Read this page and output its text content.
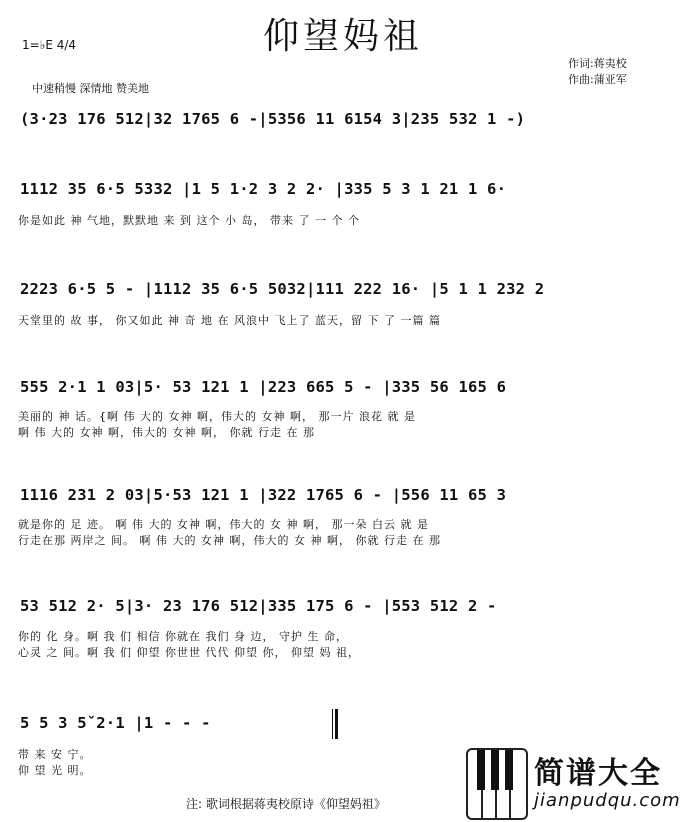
仰望妈祖
1=♭E 4/4
中速稍慢 深情地 赞美地
作词:蒋夷校
作曲:蒲亚军
(3·23 176 512|32 1765 6 -|5356 11 6154 3|235 532 1 -)
1112 35 6·5 5332 |1 5 1·2 3 2 2· |335 5 3 1 21 1 6·
你是如此 神 气地，默默地 来 到 这个 小 岛， 带来 了 一 个 个
2223 6·5 5 - |1112 35 6·5 5032|111 222 16· |5 1 1 232 2
天堂里的 故 事， 你又如此 神 奇 地 在 风浪中 飞上了 蓝天，留 下 了 一篇 篇
555 2·1 1 03|5· 53 121 1 |223 665 5 - |335 56 165 6
美丽的 神 话。{啊 伟 大的 女神 啊，伟大的 女神 啊， 那一片 浪花 就 是
啊 伟 大的 女神 啊，伟大的 女神 啊， 你就 行走 在 那
1116 231 2 03|5·53 121 1 |322 1765 6 - |556 11 65 3
就是你的 足 迹。 啊 伟 大的 女神 啊，伟大的 女 神 啊， 那一朵 白云 就 是
行走在那 两岸之 间。 啊 伟 大的 女神 啊，伟大的 女 神 啊， 你就 行走 在 那
53 512 2· 5|3· 23 176 512|335 175 6 - |553 512 2 -
你的 化 身。啊 我 们 相信 你就在 我们 身 边， 守护 生 命，
心灵 之 间。啊 我 们 仰望 你世世 代代 仰望 你， 仰望 妈 祖，
5 5 3 5ˇ2·1 |1 - - -
带 来 安 宁。
仰 望 光 明。
注: 歌词根据蒋夷校原诗《仰望妈祖》
简谱大全
jianpudqu.com
